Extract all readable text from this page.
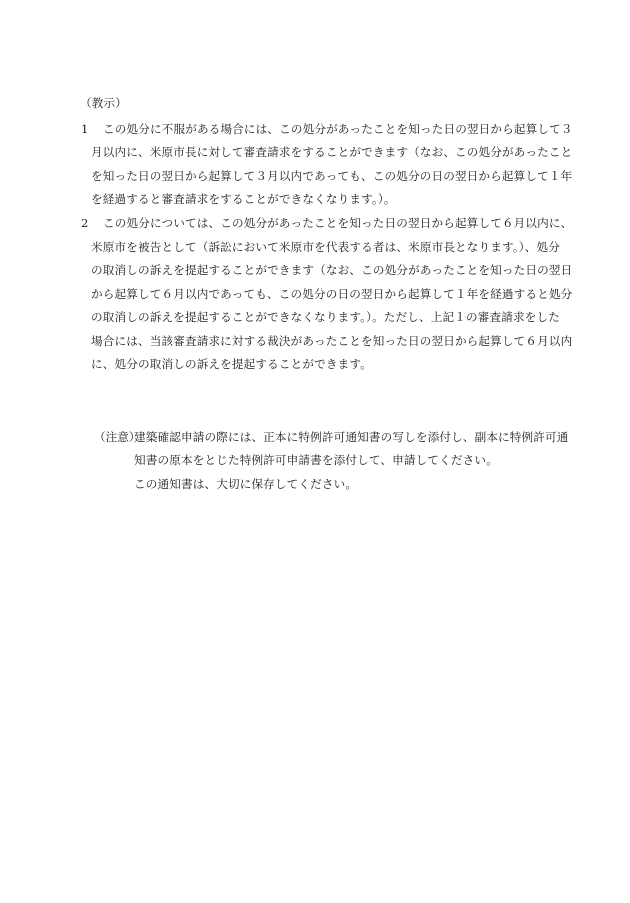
（教示）
1 この処分に不服がある場合には、この処分があったことを知った日の翌日から起算して３
月以内に、米原市長に対して審査請求をすることができます（なお、この処分があったこと
を知った日の翌日から起算して３月以内であっても、この処分の日の翌日から起算して１年
を経過すると審査請求をすることができなくなります。）。
2 この処分については、この処分があったことを知った日の翌日から起算して６月以内に、
米原市を被告として（訴訟において米原市を代表する者は、米原市長となります。）、処分
の取消しの訴えを提起することができます（なお、この処分があったことを知った日の翌日
から起算して６月以内であっても、この処分の日の翌日から起算して１年を経過すると処分
の取消しの訴えを提起することができなくなります。）。ただし、上記１の審査請求をした
場合には、当該審査請求に対する裁決があったことを知った日の翌日から起算して６月以内
に、処分の取消しの訴えを提起することができます。
（注意）
建築確認申請の際には、正本に特例許可通知書の写しを添付し、副本に特例許可通
知書の原本をとじた特例許可申請書を添付して、申請してください。
この通知書は、大切に保存してください。
